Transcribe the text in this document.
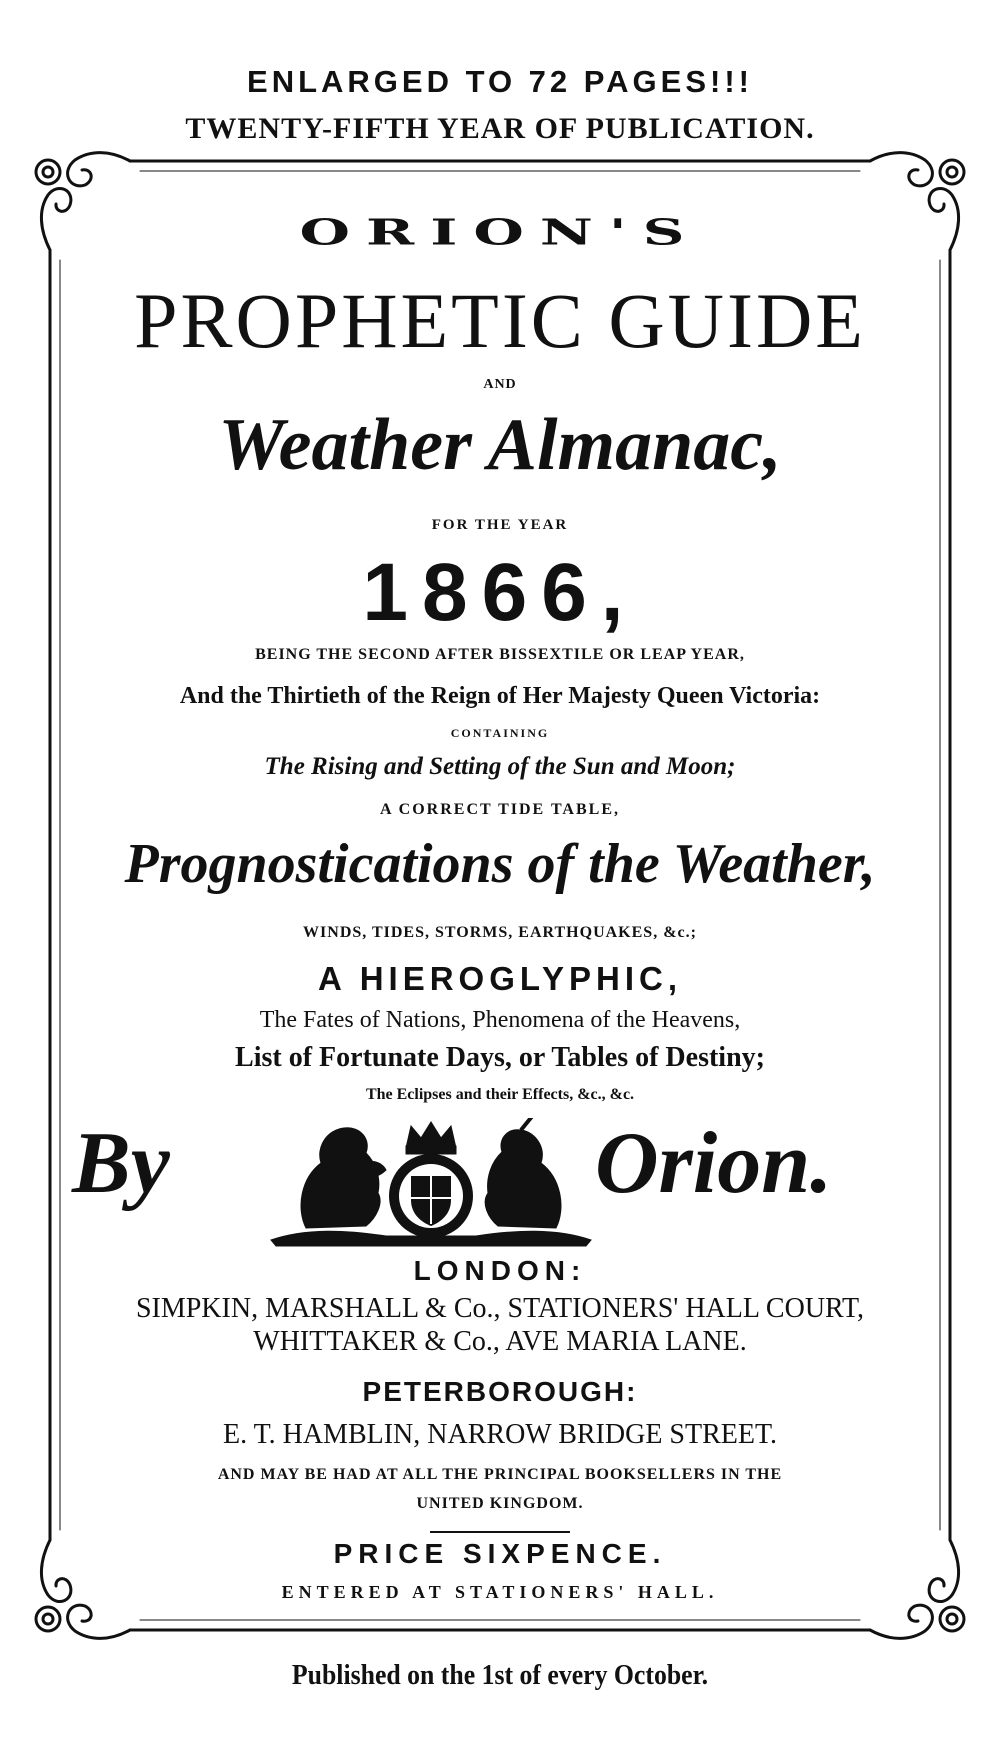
ENLARGED TO 72 PAGES!!!
TWENTY-FIFTH YEAR OF PUBLICATION.
ORION'S
PROPHETIC GUIDE
AND
Weather Almanac,
FOR THE YEAR
1866,
BEING THE SECOND AFTER BISSEXTILE OR LEAP YEAR,
And the Thirtieth of the Reign of Her Majesty Queen Victoria:
CONTAINING
The Rising and Setting of the Sun and Moon;
A CORRECT TIDE TABLE,
Prognostications of the Weather,
WINDS, TIDES, STORMS, EARTHQUAKES, &c.;
A HIEROGLYPHIC,
The Fates of Nations, Phenomena of the Heavens,
List of Fortunate Days, or Tables of Destiny;
The Eclipses and their Effects, &c., &c.
By	Orion.
LONDON:
SIMPKIN, MARSHALL & Co., STATIONERS' HALL COURT,
WHITTAKER & Co., AVE MARIA LANE.
PETERBOROUGH:
E. T. HAMBLIN, NARROW BRIDGE STREET.
AND MAY BE HAD AT ALL THE PRINCIPAL BOOKSELLERS IN THE
UNITED KINGDOM.
PRICE SIXPENCE.
ENTERED AT STATIONERS' HALL.
Published on the 1st of every October.
